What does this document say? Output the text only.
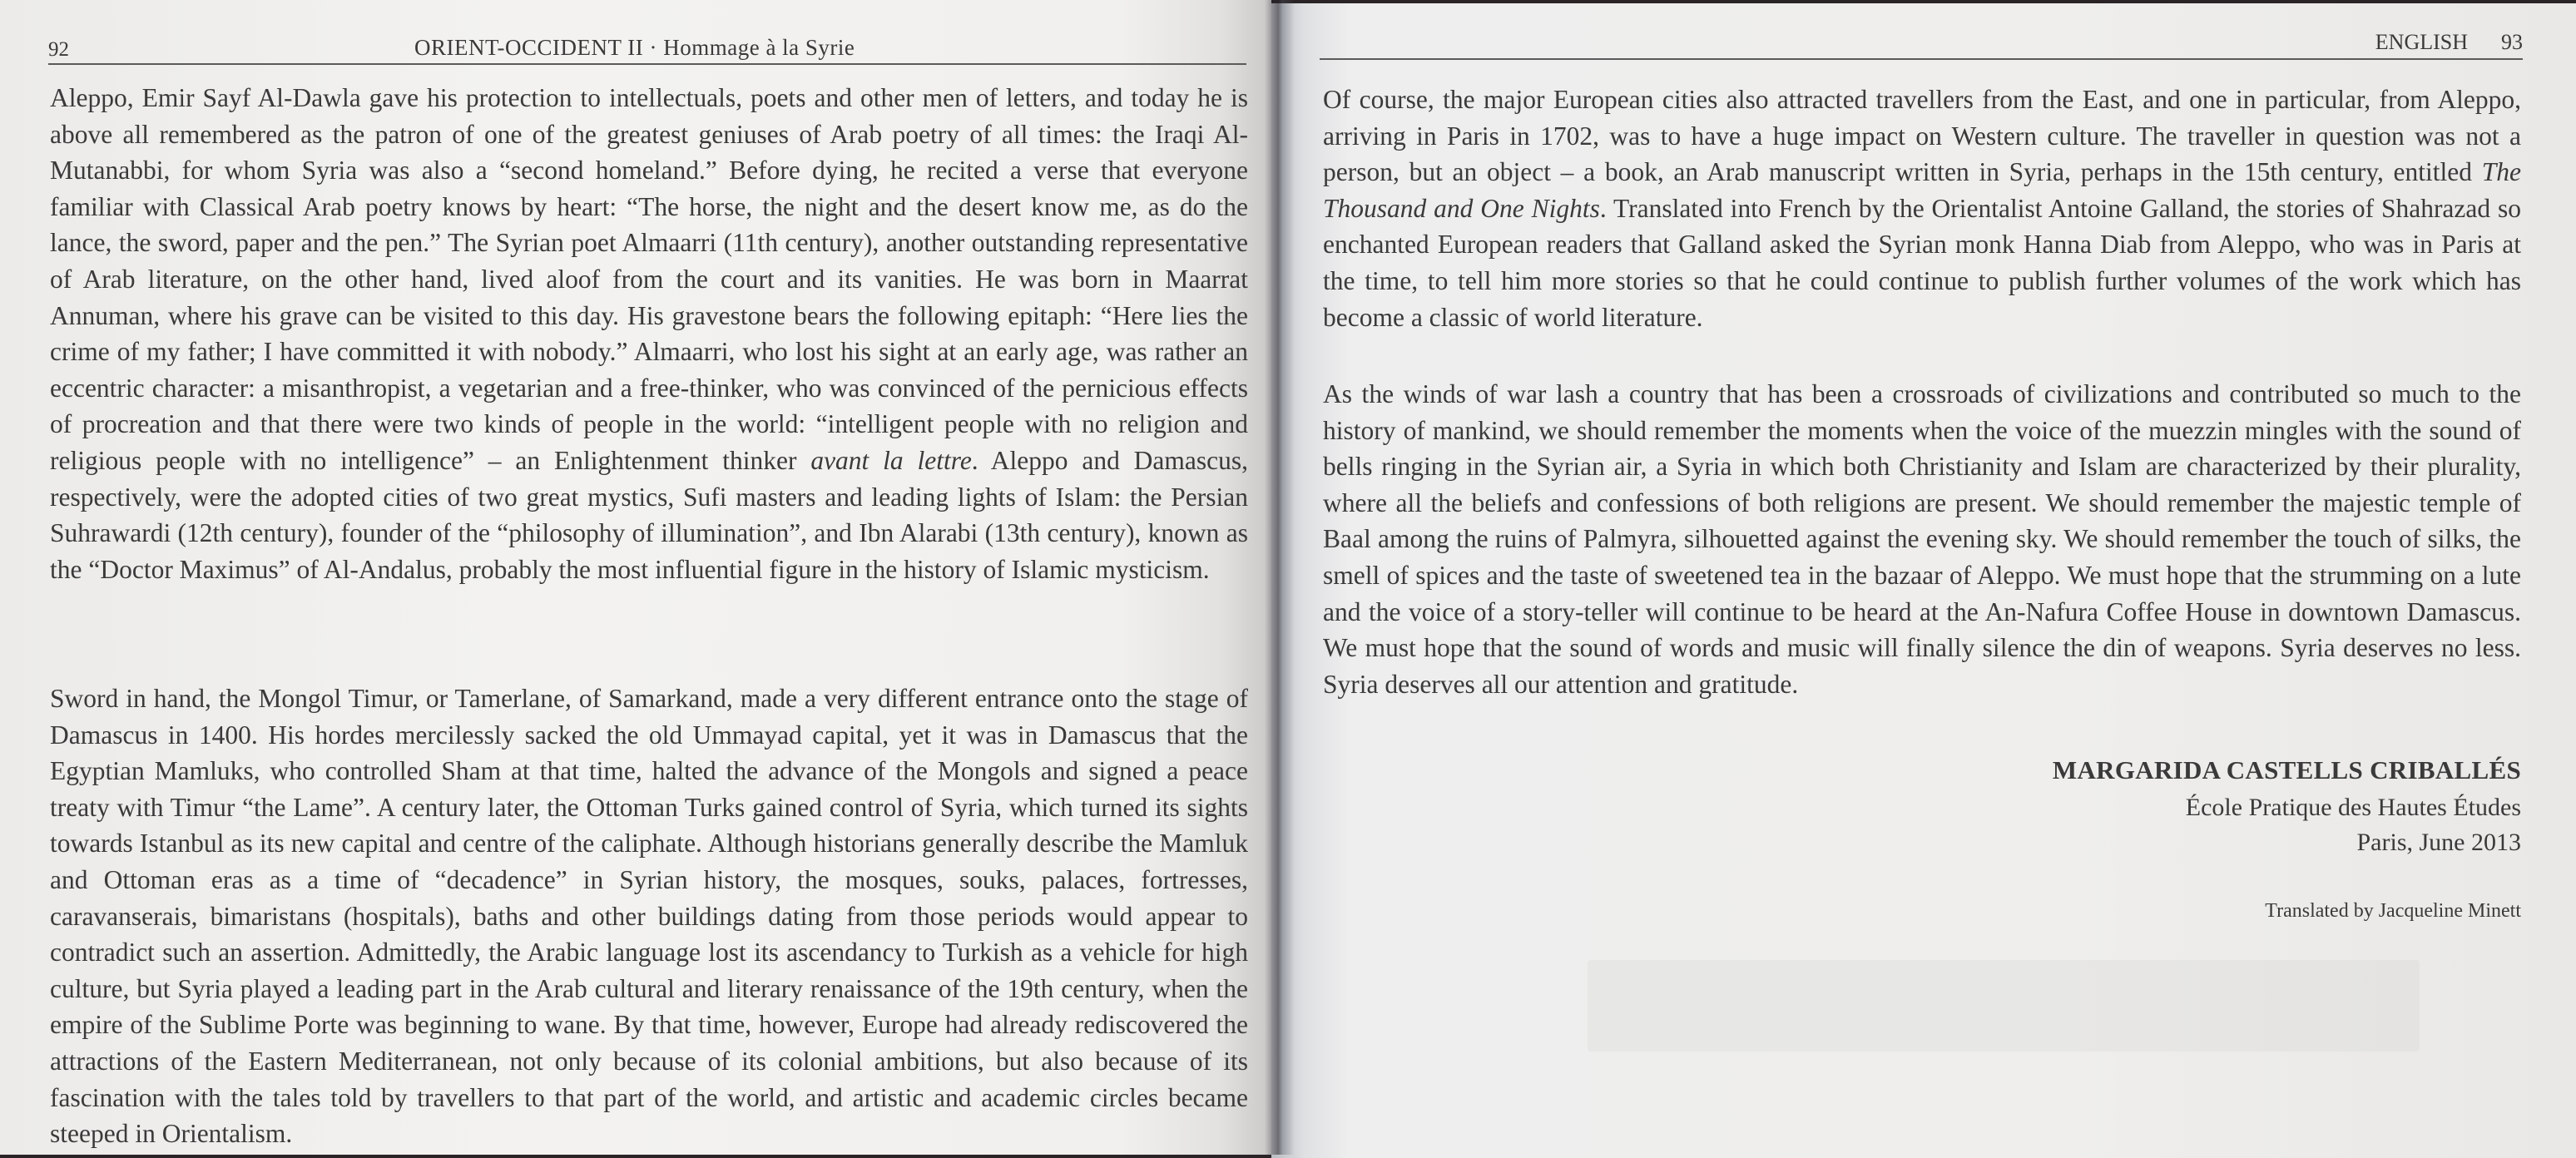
92	ORIENT-OCCIDENT II · Hommage à la Syrie

Aleppo, Emir Sayf Al-Dawla gave his protection to intellectuals, poets and other men of letters, and today he is above all remembered as the patron of one of the greatest geniuses of Arab poetry of all times: the Iraqi Al-Mutanabbi, for whom Syria was also a “second homeland.” Before dying, he recited a verse that everyone familiar with Classical Arab poetry knows by heart: “The horse, the night and the desert know me, as do the lance, the sword, paper and the pen.” The Syrian poet Almaarri (11th century), another outstanding representative of Arab literature, on the other hand, lived aloof from the court and its vanities. He was born in Maarrat Annuman, where his grave can be visited to this day. His gravestone bears the following epitaph: “Here lies the crime of my father; I have committed it with nobody.” Almaarri, who lost his sight at an early age, was rather an eccentric character: a misanthropist, a vegetarian and a free-thinker, who was convinced of the pernicious effects of procreation and that there were two kinds of people in the world: “intelligent people with no religion and religious people with no intelligence” – an Enlightenment thinker avant la lettre. Aleppo and Damascus, respectively, were the adopted cities of two great mystics, Sufi masters and leading lights of Islam: the Persian Suhrawardi (12th century), founder of the “philosophy of illumination”, and Ibn Alarabi (13th century), known as the “Doctor Maximus” of Al-Andalus, probably the most influential figure in the history of Islamic mysticism.

Sword in hand, the Mongol Timur, or Tamerlane, of Samarkand, made a very different entrance onto the stage of Damascus in 1400. His hordes mercilessly sacked the old Ummayad capital, yet it was in Damascus that the Egyptian Mamluks, who controlled Sham at that time, halted the advance of the Mongols and signed a peace treaty with Timur “the Lame”. A century later, the Ottoman Turks gained control of Syria, which turned its sights towards Istanbul as its new capital and centre of the caliphate. Although historians generally describe the Mamluk and Ottoman eras as a time of “decadence” in Syrian history, the mosques, souks, palaces, fortresses, caravanserais, bimaristans (hospitals), baths and other buildings dating from those periods would appear to contradict such an assertion. Admittedly, the Arabic language lost its ascendancy to Turkish as a vehicle for high culture, but Syria played a leading part in the Arab cultural and literary renaissance of the 19th century, when the empire of the Sublime Porte was beginning to wane. By that time, however, Europe had already rediscovered the attractions of the Eastern Mediterranean, not only because of its colonial ambitions, but also because of its fascination with the tales told by travellers to that part of the world, and artistic and academic circles became steeped in Orientalism.

ENGLISH 93

Of course, the major European cities also attracted travellers from the East, and one in particular, from Aleppo, arriving in Paris in 1702, was to have a huge impact on Western culture. The traveller in question was not a person, but an object – a book, an Arab manuscript written in Syria, perhaps in the 15th century, entitled The Thousand and One Nights. Translated into French by the Orientalist Antoine Galland, the stories of Shahrazad so enchanted European readers that Galland asked the Syrian monk Hanna Diab from Aleppo, who was in Paris at the time, to tell him more stories so that he could continue to publish further volumes of the work which has become a classic of world literature.

As the winds of war lash a country that has been a crossroads of civilizations and contributed so much to the history of mankind, we should remember the moments when the voice of the muezzin mingles with the sound of bells ringing in the Syrian air, a Syria in which both Christianity and Islam are characterized by their plurality, where all the beliefs and confessions of both religions are present. We should remember the majestic temple of Baal among the ruins of Palmyra, silhouetted against the evening sky. We should remember the touch of silks, the smell of spices and the taste of sweetened tea in the bazaar of Aleppo. We must hope that the strumming on a lute and the voice of a story-teller will continue to be heard at the An-Nafura Coffee House in downtown Damascus. We must hope that the sound of words and music will finally silence the din of weapons. Syria deserves no less. Syria deserves all our attention and gratitude.

MARGARIDA CASTELLS CRIBALLÉS
École Pratique des Hautes Études
Paris, June 2013
Translated by Jacqueline Minett
